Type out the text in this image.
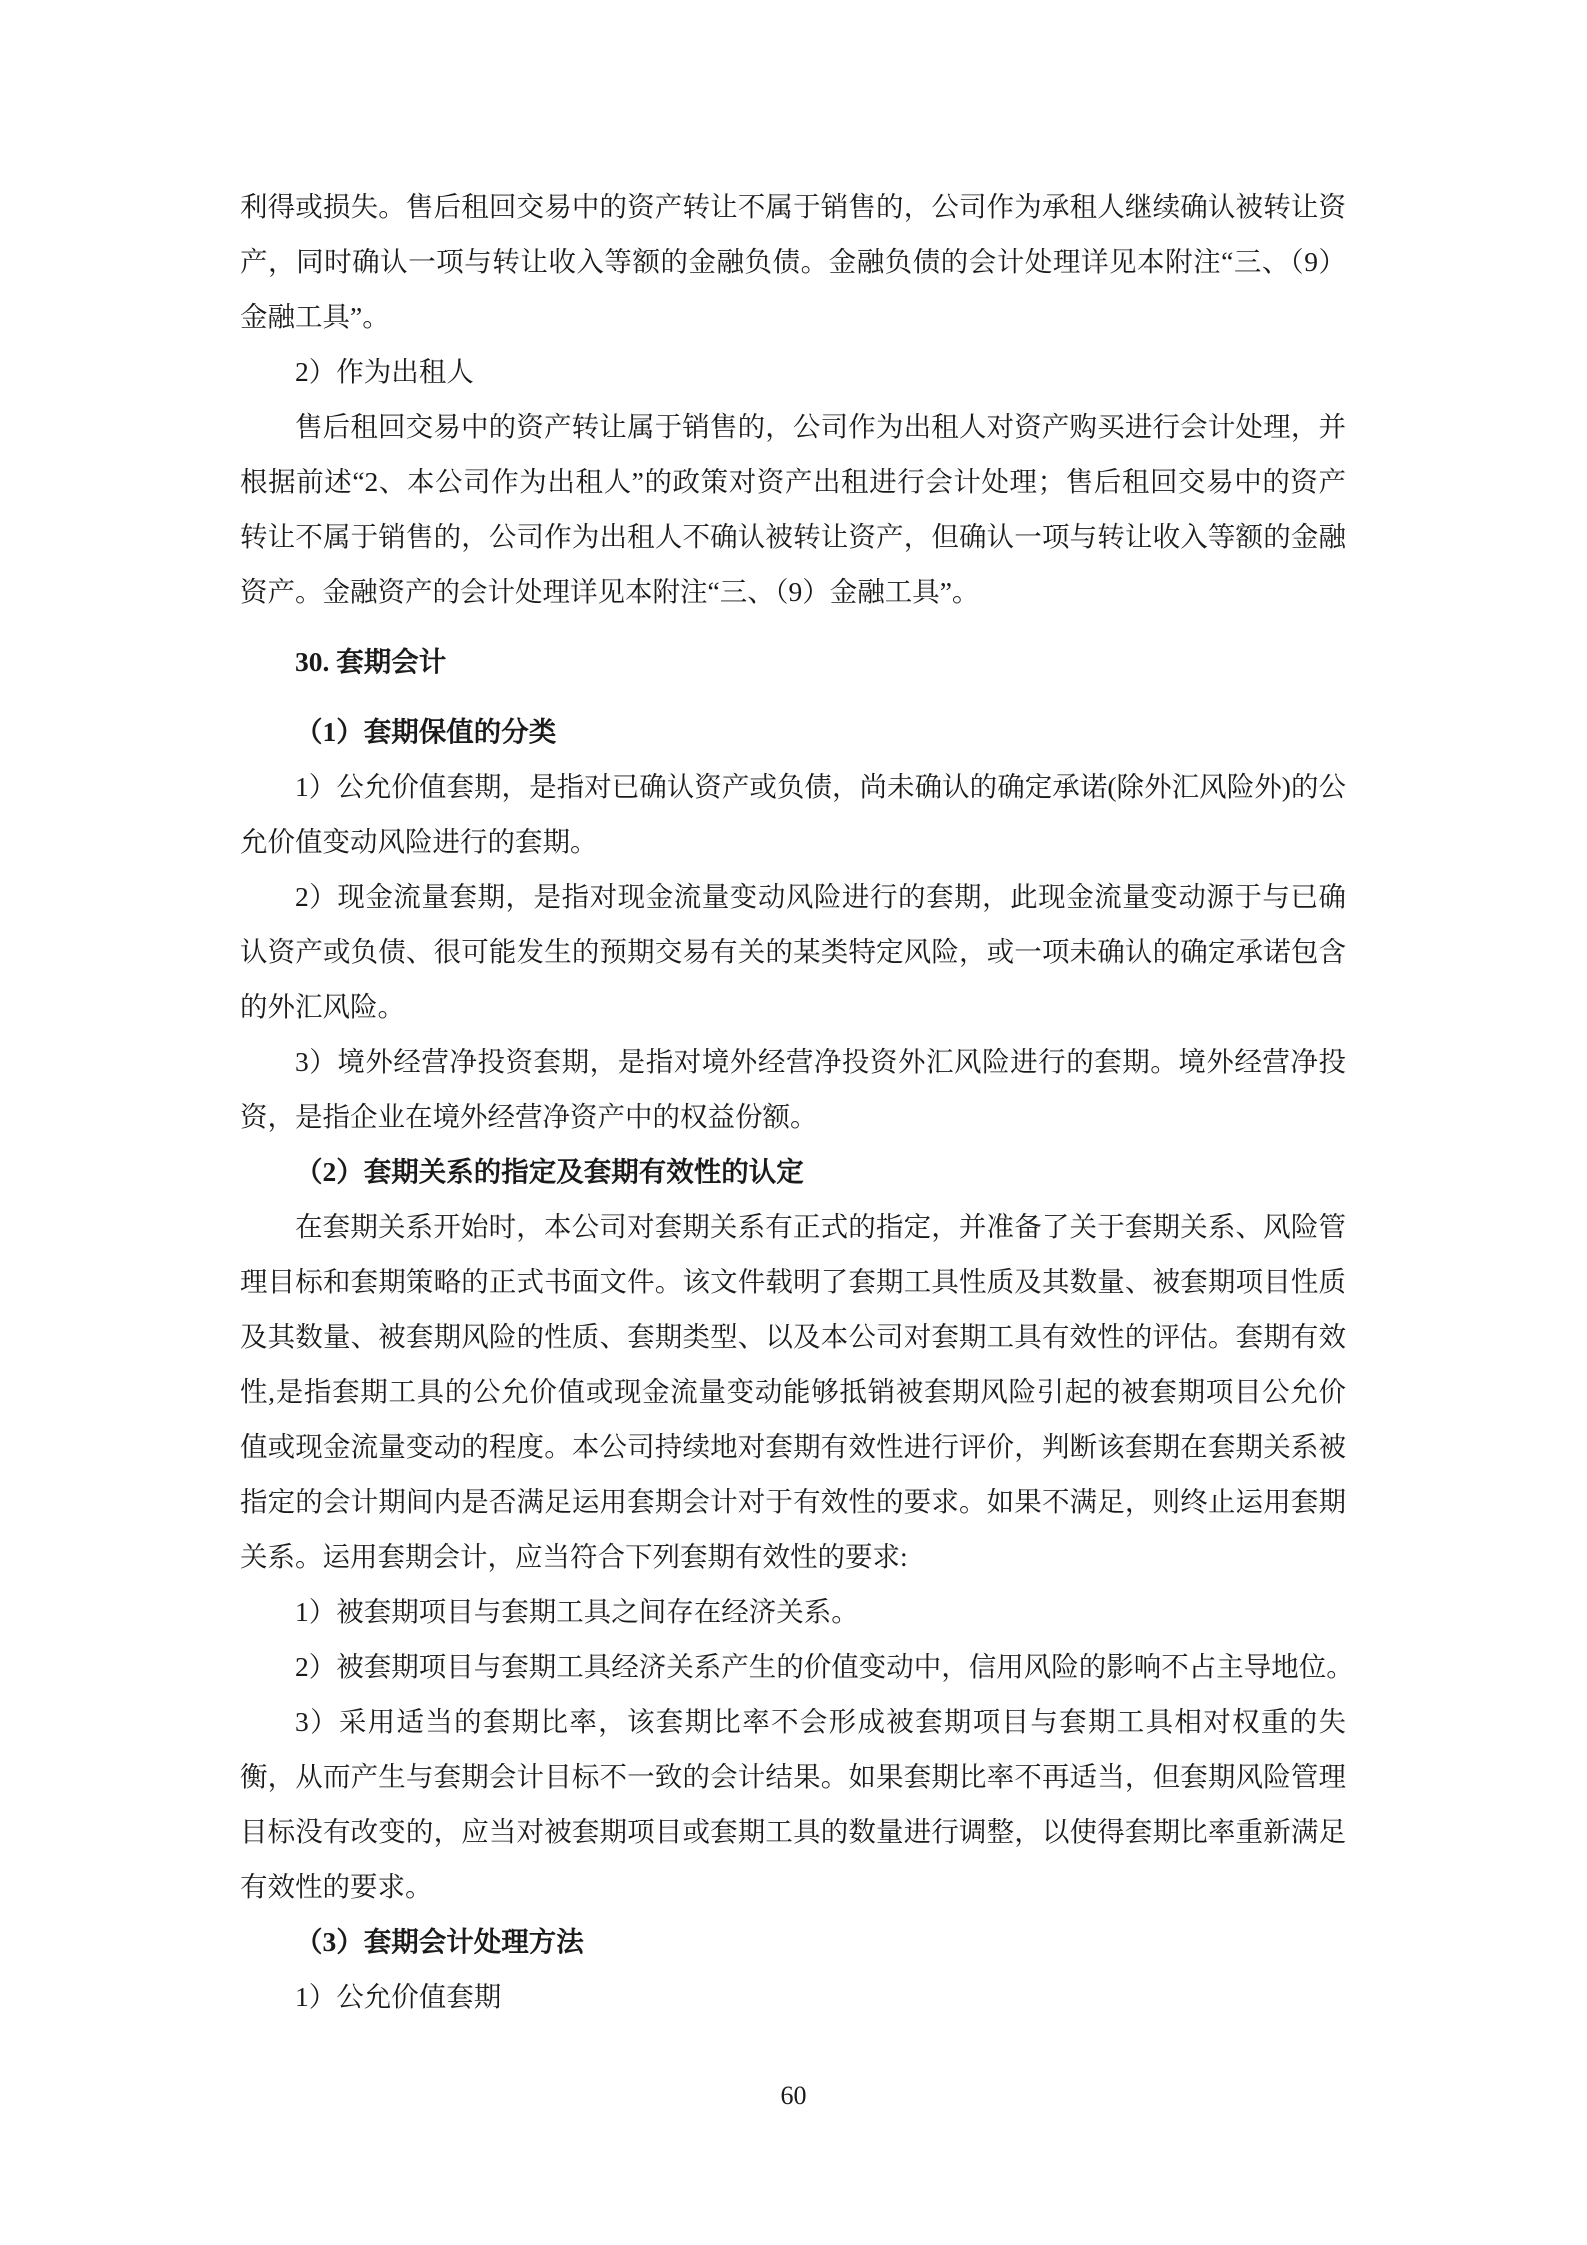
利得或损失。售后租回交易中的资产转让不属于销售的，公司作为承租人继续确认被转让资产，同时确认一项与转让收入等额的金融负债。金融负债的会计处理详见本附注“三、（9）金融工具”。

2）作为出租人

售后租回交易中的资产转让属于销售的，公司作为出租人对资产购买进行会计处理，并根据前述“2、本公司作为出租人”的政策对资产出租进行会计处理；售后租回交易中的资产转让不属于销售的，公司作为出租人不确认被转让资产，但确认一项与转让收入等额的金融资产。金融资产的会计处理详见本附注“三、（9）金融工具”。

30. 套期会计

（1）套期保值的分类

1）公允价值套期，是指对已确认资产或负债，尚未确认的确定承诺(除外汇风险外)的公允价值变动风险进行的套期。

2）现金流量套期，是指对现金流量变动风险进行的套期，此现金流量变动源于与已确认资产或负债、很可能发生的预期交易有关的某类特定风险，或一项未确认的确定承诺包含的外汇风险。

3）境外经营净投资套期，是指对境外经营净投资外汇风险进行的套期。境外经营净投资，是指企业在境外经营净资产中的权益份额。

（2）套期关系的指定及套期有效性的认定

在套期关系开始时，本公司对套期关系有正式的指定，并准备了关于套期关系、风险管理目标和套期策略的正式书面文件。该文件载明了套期工具性质及其数量、被套期项目性质及其数量、被套期风险的性质、套期类型、以及本公司对套期工具有效性的评估。套期有效性,是指套期工具的公允价值或现金流量变动能够抵销被套期风险引起的被套期项目公允价值或现金流量变动的程度。本公司持续地对套期有效性进行评价，判断该套期在套期关系被指定的会计期间内是否满足运用套期会计对于有效性的要求。如果不满足，则终止运用套期关系。运用套期会计，应当符合下列套期有效性的要求:

1）被套期项目与套期工具之间存在经济关系。

2）被套期项目与套期工具经济关系产生的价值变动中，信用风险的影响不占主导地位。

3）采用适当的套期比率，该套期比率不会形成被套期项目与套期工具相对权重的失衡，从而产生与套期会计目标不一致的会计结果。如果套期比率不再适当，但套期风险管理目标没有改变的，应当对被套期项目或套期工具的数量进行调整，以使得套期比率重新满足有效性的要求。

（3）套期会计处理方法

1）公允价值套期

60
